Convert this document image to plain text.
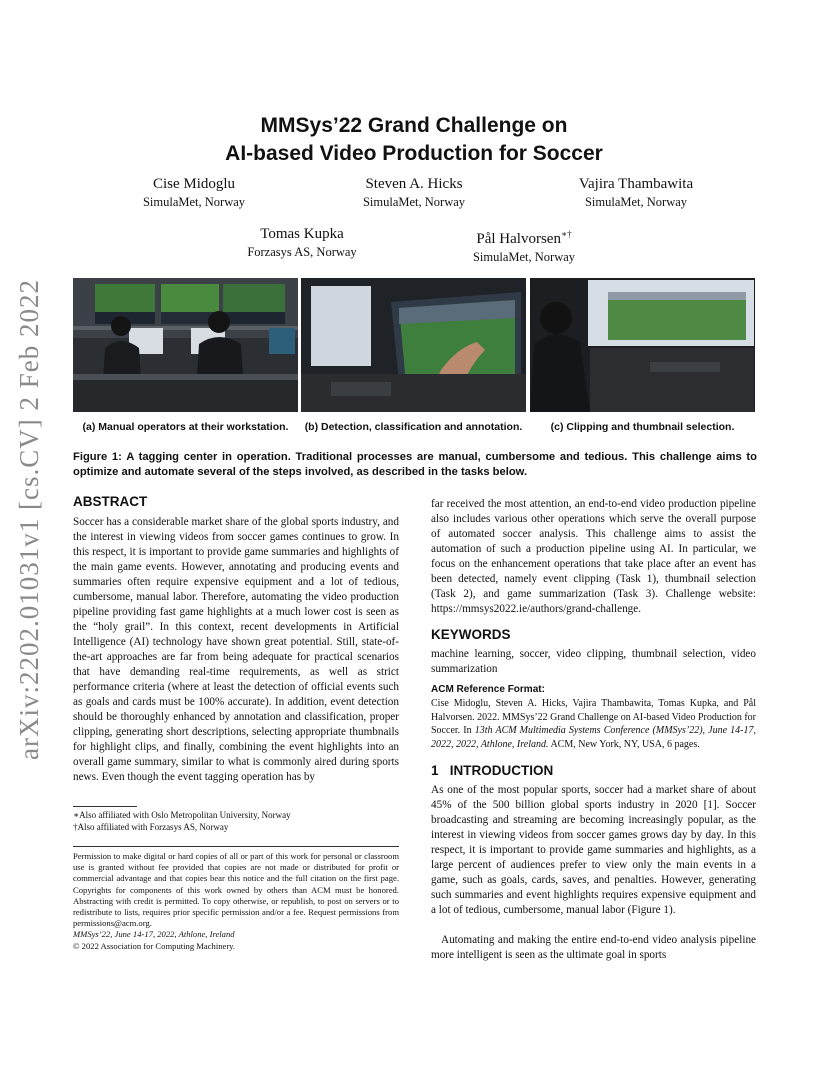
arXiv:2202.01031v1 [cs.CV] 2 Feb 2022
MMSys’22 Grand Challenge on
AI-based Video Production for Soccer
Cise Midoglu
SimulaMet, Norway
Steven A. Hicks
SimulaMet, Norway
Vajira Thambawita
SimulaMet, Norway
Tomas Kupka
Forzasys AS, Norway
Pål Halvorsen∗†
SimulaMet, Norway
(a) Manual operators at their workstation.	(b) Detection, classification and annotation.	(c) Clipping and thumbnail selection.
Figure 1: A tagging center in operation. Traditional processes are manual, cumbersome and tedious. This challenge aims to optimize and automate several of the steps involved, as described in the tasks below.
ABSTRACT
Soccer has a considerable market share of the global sports industry, and the interest in viewing videos from soccer games continues to grow. In this respect, it is important to provide game summaries and highlights of the main game events. However, annotating and producing events and summaries often require expensive equipment and a lot of tedious, cumbersome, manual labor. Therefore, automating the video production pipeline providing fast game highlights at a much lower cost is seen as the “holy grail”. In this context, recent developments in Artificial Intelligence (AI) technology have shown great potential. Still, state-of-the-art approaches are far from being adequate for practical scenarios that have demanding real-time requirements, as well as strict performance criteria (where at least the detection of official events such as goals and cards must be 100% accurate). In addition, event detection should be thoroughly enhanced by annotation and classification, proper clipping, generating short descriptions, selecting appropriate thumbnails for highlight clips, and finally, combining the event highlights into an overall game summary, similar to what is commonly aired during sports news. Even though the event tagging operation has by
∗Also affiliated with Oslo Metropolitan University, Norway
†Also affiliated with Forzasys AS, Norway
Permission to make digital or hard copies of all or part of this work for personal or classroom use is granted without fee provided that copies are not made or distributed for profit or commercial advantage and that copies bear this notice and the full citation on the first page. Copyrights for components of this work owned by others than ACM must be honored. Abstracting with credit is permitted. To copy otherwise, or republish, to post on servers or to redistribute to lists, requires prior specific permission and/or a fee. Request permissions from permissions@acm.org.
MMSys’22, June 14-17, 2022, Athlone, Ireland
© 2022 Association for Computing Machinery.
far received the most attention, an end-to-end video production pipeline also includes various other operations which serve the overall purpose of automated soccer analysis. This challenge aims to assist the automation of such a production pipeline using AI. In particular, we focus on the enhancement operations that take place after an event has been detected, namely event clipping (Task 1), thumbnail selection (Task 2), and game summarization (Task 3). Challenge website: https://mmsys2022.ie/authors/grand-challenge.
KEYWORDS
machine learning, soccer, video clipping, thumbnail selection, video summarization
ACM Reference Format:
Cise Midoglu, Steven A. Hicks, Vajira Thambawita, Tomas Kupka, and Pål Halvorsen. 2022. MMSys’22 Grand Challenge on AI-based Video Production for Soccer. In 13th ACM Multimedia Systems Conference (MMSys’22), June 14-17, 2022, 2022, Athlone, Ireland. ACM, New York, NY, USA, 6 pages.
1   INTRODUCTION
As one of the most popular sports, soccer had a market share of about 45% of the 500 billion global sports industry in 2020 [1]. Soccer broadcasting and streaming are becoming increasingly popular, as the interest in viewing videos from soccer games grows day by day. In this respect, it is important to provide game summaries and highlights, as a large percent of audiences prefer to view only the main events in a game, such as goals, cards, saves, and penalties. However, generating such summaries and event highlights requires expensive equipment and a lot of tedious, cumbersome, manual labor (Figure 1).
Automating and making the entire end-to-end video analysis pipeline more intelligent is seen as the ultimate goal in sports
